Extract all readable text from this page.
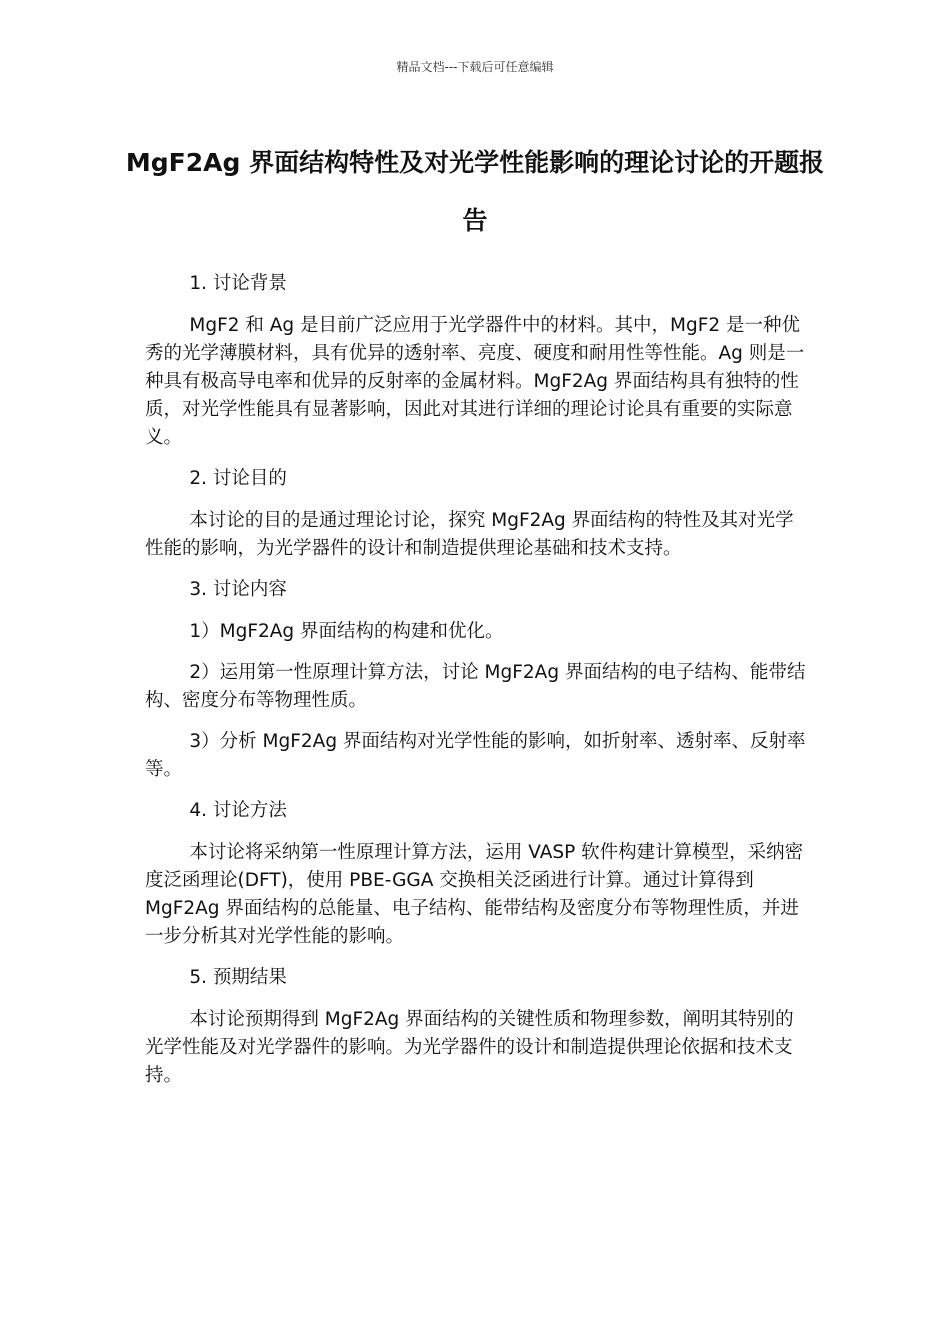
精品文档---下载后可任意编辑
MgF2Ag 界面结构特性及对光学性能影响的理论讨论的开题报告

1. 讨论背景

MgF2 和 Ag 是目前广泛应用于光学器件中的材料。其中，MgF2 是一种优秀的光学薄膜材料，具有优异的透射率、亮度、硬度和耐用性等性能。Ag 则是一种具有极高导电率和优异的反射率的金属材料。MgF2Ag 界面结构具有独特的性质，对光学性能具有显著影响，因此对其进行详细的理论讨论具有重要的实际意义。

2. 讨论目的

本讨论的目的是通过理论讨论，探究 MgF2Ag 界面结构的特性及其对光学性能的影响，为光学器件的设计和制造提供理论基础和技术支持。

3. 讨论内容

1）MgF2Ag 界面结构的构建和优化。

2）运用第一性原理计算方法，讨论 MgF2Ag 界面结构的电子结构、能带结构、密度分布等物理性质。

3）分析 MgF2Ag 界面结构对光学性能的影响，如折射率、透射率、反射率等。

4. 讨论方法

本讨论将采纳第一性原理计算方法，运用 VASP 软件构建计算模型，采纳密度泛函理论(DFT)，使用 PBE-GGA 交换相关泛函进行计算。通过计算得到 MgF2Ag 界面结构的总能量、电子结构、能带结构及密度分布等物理性质，并进一步分析其对光学性能的影响。

5. 预期结果

本讨论预期得到 MgF2Ag 界面结构的关键性质和物理参数，阐明其特别的光学性能及对光学器件的影响。为光学器件的设计和制造提供理论依据和技术支持。
